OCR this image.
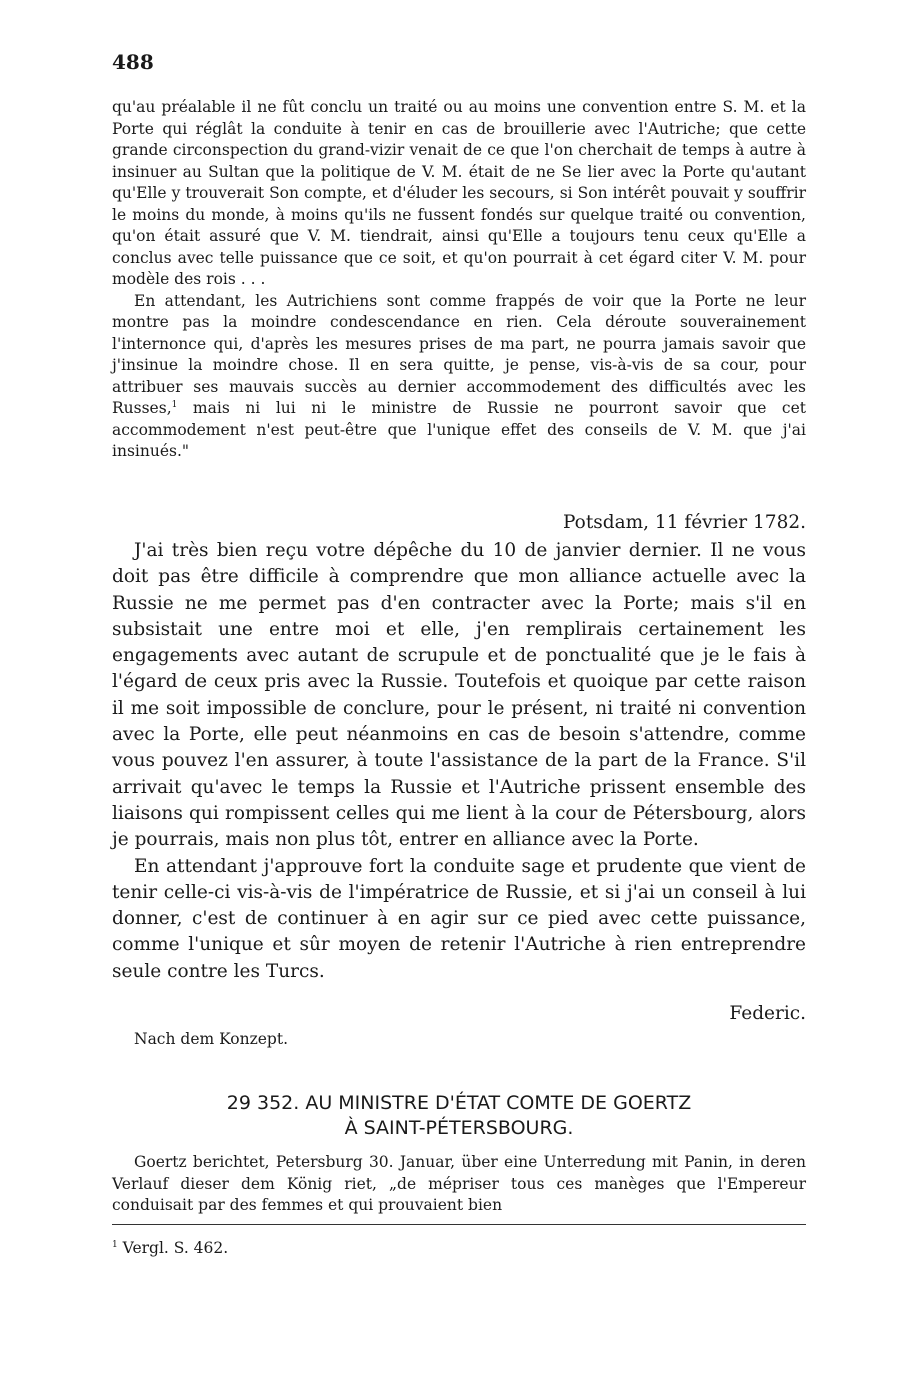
488

qu'au préalable il ne fût conclu un traité ou au moins une convention entre S. M. et la Porte qui réglât la conduite à tenir en cas de brouillerie avec l'Autriche; que cette grande circonspection du grand-vizir venait de ce que l'on cherchait de temps à autre à insinuer au Sultan que la politique de V. M. était de ne Se lier avec la Porte qu'autant qu'Elle y trouverait Son compte, et d'éluder les secours, si Son intérêt pouvait y souffrir le moins du monde, à moins qu'ils ne fussent fondés sur quelque traité ou convention, qu'on était assuré que V. M. tiendrait, ainsi qu'Elle a toujours tenu ceux qu'Elle a conclus avec telle puissance que ce soit, et qu'on pourrait à cet égard citer V. M. pour modèle des rois . . .

En attendant, les Autrichiens sont comme frappés de voir que la Porte ne leur montre pas la moindre condescendance en rien. Cela déroute souverainement l'internonce qui, d'après les mesures prises de ma part, ne pourra jamais savoir que j'insinue la moindre chose. Il en sera quitte, je pense, vis-à-vis de sa cour, pour attribuer ses mauvais succès au dernier accommodement des difficultés avec les Russes,$^1$ mais ni lui ni le ministre de Russie ne pourront savoir que cet accommodement n'est peut-être que l'unique effet des conseils de V. M. que j'ai insinués."

Potsdam, 11 février 1782.

J'ai très bien reçu votre dépêche du 10 de janvier dernier. Il ne vous doit pas être difficile à comprendre que mon alliance actuelle avec la Russie ne me permet pas d'en contracter avec la Porte; mais s'il en subsistait une entre moi et elle, j'en remplirais certainement les engagements avec autant de scrupule et de ponctualité que je le fais à l'égard de ceux pris avec la Russie. Toutefois et quoique par cette raison il me soit impossible de conclure, pour le présent, ni traité ni convention avec la Porte, elle peut néanmoins en cas de besoin s'attendre, comme vous pouvez l'en assurer, à toute l'assistance de la part de la France. S'il arrivait qu'avec le temps la Russie et l'Autriche prissent ensemble des liaisons qui rompissent celles qui me lient à la cour de Pétersbourg, alors je pourrais, mais non plus tôt, entrer en alliance avec la Porte.

En attendant j'approuve fort la conduite sage et prudente que vient de tenir celle-ci vis-à-vis de l'impératrice de Russie, et si j'ai un conseil à lui donner, c'est de continuer à en agir sur ce pied avec cette puissance, comme l'unique et sûr moyen de retenir l'Autriche à rien entreprendre seule contre les Turcs.

Federic.
Nach dem Konzept.
29 352. AU MINISTRE D'ÉTAT COMTE DE GOERTZ
À SAINT-PÉTERSBOURG.

Goertz berichtet, Petersburg 30. Januar, über eine Unterredung mit Panin, in deren Verlauf dieser dem König riet, „de mépriser tous ces manèges que l'Empereur conduisait par des femmes et qui prouvaient bien

$^1$ Vergl. S. 462.
